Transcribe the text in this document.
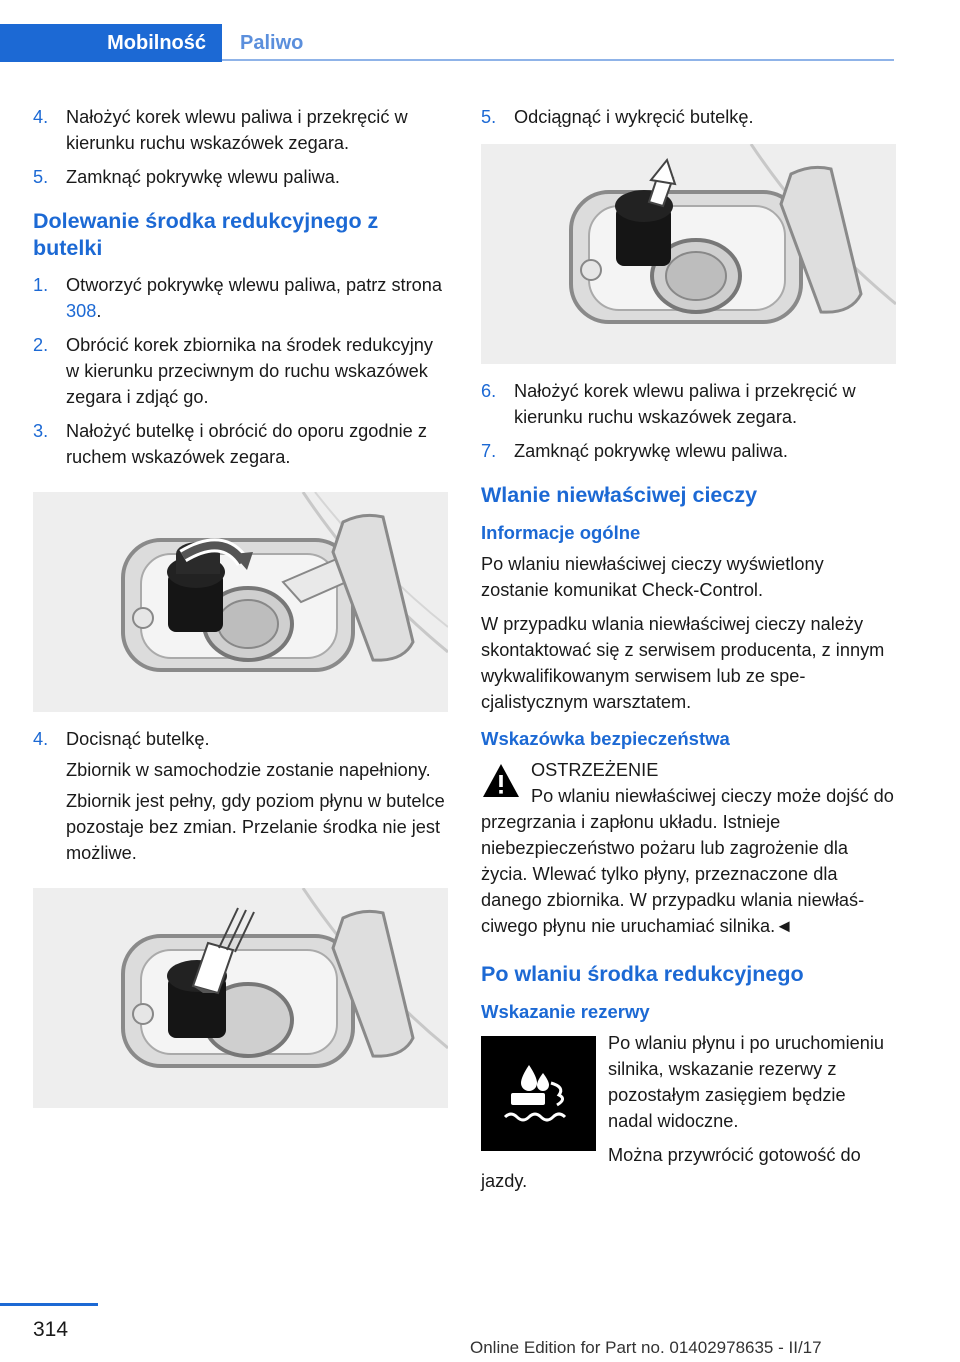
Mobilność	Paliwo
4. Nałożyć korek wlewu paliwa i przekręcić w kierunku ruchu wskazówek zegara.

5. Zamknąć pokrywkę wlewu paliwa.

Dolewanie środka redukcyjnego z butelki
1. Otworzyć pokrywkę wlewu paliwa, patrz strona 308.

2. Obrócić korek zbiornika na środek redukcyjny w kierunku przeciwnym do ruchu wskazówek zegara i zdjąć go.

3. Nałożyć butelkę i obrócić do oporu zgodnie z ruchem wskazówek zegara.

4. Docisnąć butelkę.

Zbiornik w samochodzie zostanie napełniony.

Zbiornik jest pełny, gdy poziom płynu w butelce pozostaje bez zmian. Przelanie środka nie jest możliwe.

5. Odciągnąć i wykręcić butelkę.

6. Nałożyć korek wlewu paliwa i przekręcić w kierunku ruchu wskazówek zegara.

7. Zamknąć pokrywkę wlewu paliwa.

Wlanie niewłaściwej cieczy
Informacje ogólne

Po wlaniu niewłaściwej cieczy wyświetlony zostanie komunikat Check-Control.

W przypadku wlania niewłaściwej cieczy należy skontaktować się z serwisem producenta, z innym wykwalifikowanym serwisem lub ze specjalistycznym warsztatem.

Wskazówka bezpieczeństwa

OSTRZEŻENIE

Po wlaniu niewłaściwej cieczy może dojść do przegrzania i zapłonu układu. Istnieje niebezpieczeństwo pożaru lub zagrożenie dla życia. Wlewać tylko płyny, przeznaczone dla danego zbiornika. W przypadku wlania niewłaściwego płynu nie uruchamiać silnika.◄

Po wlaniu środka redukcyjnego
Wskazanie rezerwy

Po wlaniu płynu i po uruchomieniu silnika, wskazanie rezerwy z pozostałym zasięgiem będzie nadal widoczne.

Można przywrócić gotowość do jazdy.

314
Online Edition for Part no. 01402978635 - II/17
